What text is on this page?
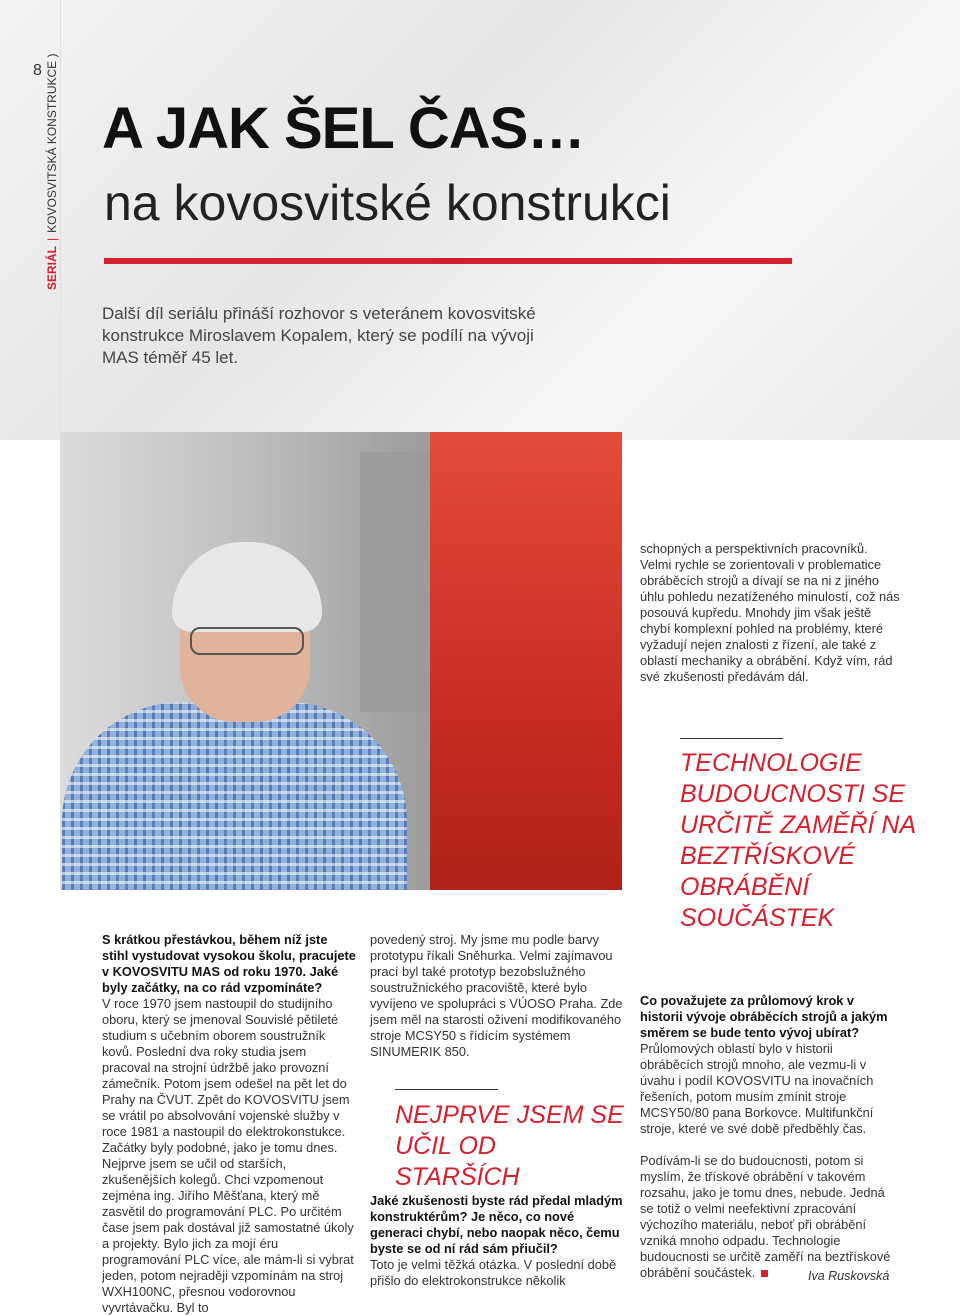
8
SERIÁL|KOVOSVITSKÁ KONSTRUKCE )
A JAK ŠEL ČAS…
na kovosvitské konstrukci

Další díl seriálu přináší rozhovor s veteránem kovosvitské konstrukce Miroslavem Kopalem, který se podílí na vývoji MAS téměř 45 let.

schopných a perspektivních pracovníků. Velmi rychle se zorientovali v problematice obráběcích strojů a dívají se na ni z jiného úhlu pohledu nezatíženého minulostí, což nás posouvá kupředu. Mnohdy jim však ještě chybí komplexní pohled na problémy, které vyžadují nejen znalosti z řízení, ale také z oblastí mechaniky a obrábění. Když vím, rád své zkušenosti předávám dál.

TECHNOLOGIE BUDOUCNOSTI SE URČITĚ ZAMĚŘÍ NA BEZTŘÍSKOVÉ OBRÁBĚNÍ SOUČÁSTEK

S krátkou přestávkou, během níž jste stihl vystudovat vysokou školu, pracujete v KOVOSVITU MAS od roku 1970. Jaké byly začátky, na co rád vzpomínáte?

V roce 1970 jsem nastoupil do studijního oboru, který se jmenoval Souvislé pětileté studium s učebním oborem soustružník kovů. Poslední dva roky studia jsem pracoval na strojní údržbě jako provozní zámečník. Potom jsem odešel na pět let do Prahy na ČVUT. Zpět do KOVOSVITU jsem se vrátil po absolvování vojenské služby v roce 1981 a nastoupil do elektrokonstukce. Začátky byly podobné, jako je tomu dnes. Nejprve jsem se učil od starších, zkušenějších kolegů. Chci vzpomenout zejména ing. Jiřího Měšťana, který mě zasvětil do programování PLC. Po určitém čase jsem pak dostával již samostatné úkoly a projekty. Bylo jich za mojí éru programování PLC více, ale mám-li si vybrat jeden, potom nejraději vzpomínám na stroj WXH100NC, přesnou vodorovnou vyvrtávačku. Byl to

povedený stroj. My jsme mu podle barvy prototypu říkali Sněhurka. Velmi zajímavou prací byl také prototyp bezobslužného soustružnického pracoviště, které bylo vyvíjeno ve spolupráci s VÚOSO Praha. Zde jsem měl na starosti oživení modifikovaného stroje MCSY50 s řídícím systémem SINUMERIK 850.

NEJPRVE JSEM SE UČIL OD STARŠÍCH

Jaké zkušenosti byste rád předal mladým konstruktérům? Je něco, co nové generaci chybí, nebo naopak něco, čemu byste se od ní rád sám přiučil?

Toto je velmi těžká otázka. V poslední době přišlo do elektrokonstrukce několik

Co považujete za průlomový krok v historii vývoje obráběcích strojů a jakým směrem se bude tento vývoj ubírat?

Průlomových oblastí bylo v historii obráběcích strojů mnoho, ale vezmu-li v úvahu i podíl KOVOSVITU na inovačních řešeních, potom musím zmínit stroje MCSY50/80 pana Borkovce. Multifunkční stroje, které ve své době předběhly čas.

Podívám-li se do budoucnosti, potom si myslím, že třískové obrábění v takovém rozsahu, jako je tomu dnes, nebude. Jedná se totiž o velmi neefektivní zpracování výchozího materiálu, neboť při obrábění vzniká mnoho odpadu. Technologie budoucnosti se určitě zaměří na beztřískové obrábění součástek.	Iva Ruskovská
